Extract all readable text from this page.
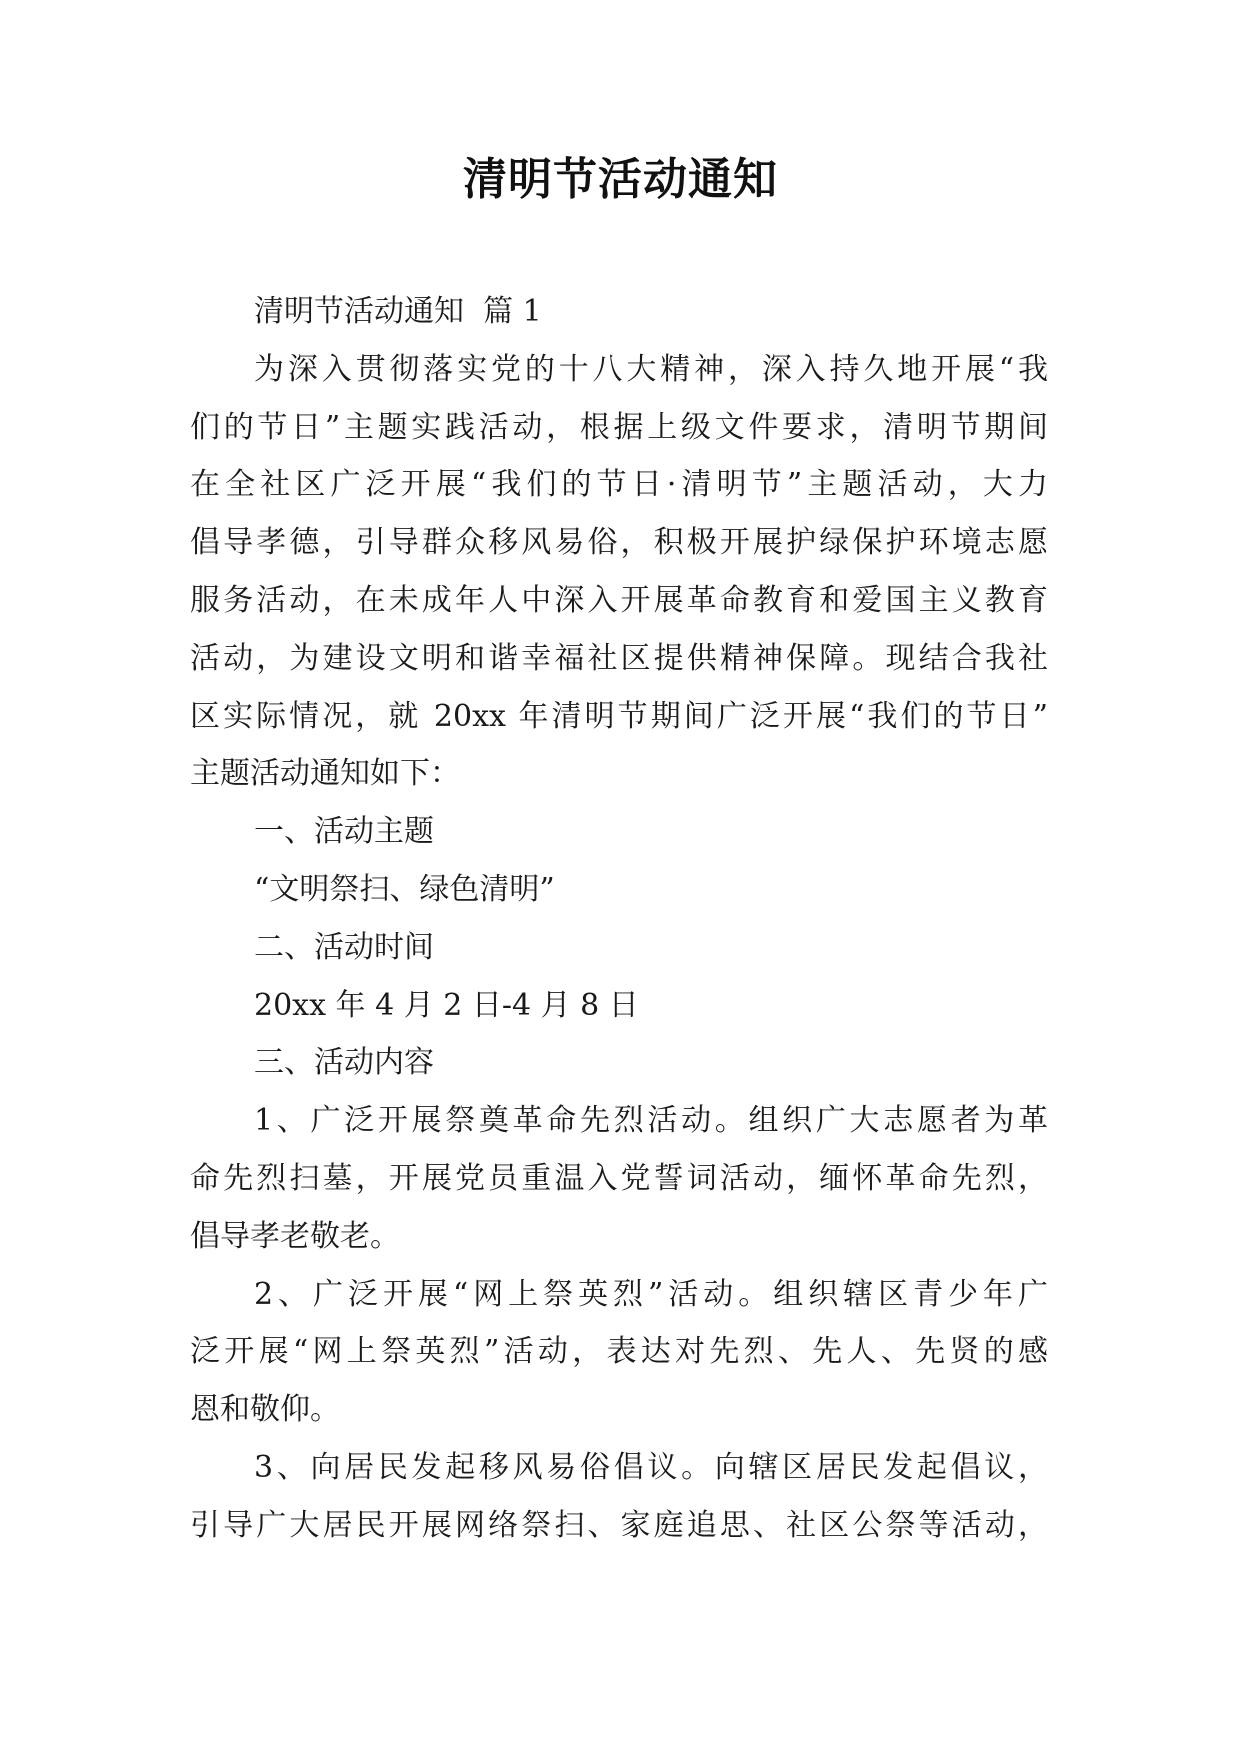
清明节活动通知
清明节活动通知  篇 1
为深入贯彻落实党的十八大精神，深入持久地开展“我
们的节日”主题实践活动，根据上级文件要求，清明节期间
在全社区广泛开展“我们的节日·清明节”主题活动，大力
倡导孝德，引导群众移风易俗，积极开展护绿保护环境志愿
服务活动，在未成年人中深入开展革命教育和爱国主义教育
活动，为建设文明和谐幸福社区提供精神保障。现结合我社
区实际情况，就 20xx 年清明节期间广泛开展“我们的节日”
主题活动通知如下：
一、活动主题
“文明祭扫、绿色清明”
二、活动时间
20xx 年 4 月 2 日-4 月 8 日
三、活动内容
1、广泛开展祭奠革命先烈活动。组织广大志愿者为革
命先烈扫墓，开展党员重温入党誓词活动，缅怀革命先烈，
倡导孝老敬老。
2、广泛开展“网上祭英烈”活动。组织辖区青少年广
泛开展“网上祭英烈”活动，表达对先烈、先人、先贤的感
恩和敬仰。
3、向居民发起移风易俗倡议。向辖区居民发起倡议，
引导广大居民开展网络祭扫、家庭追思、社区公祭等活动，
